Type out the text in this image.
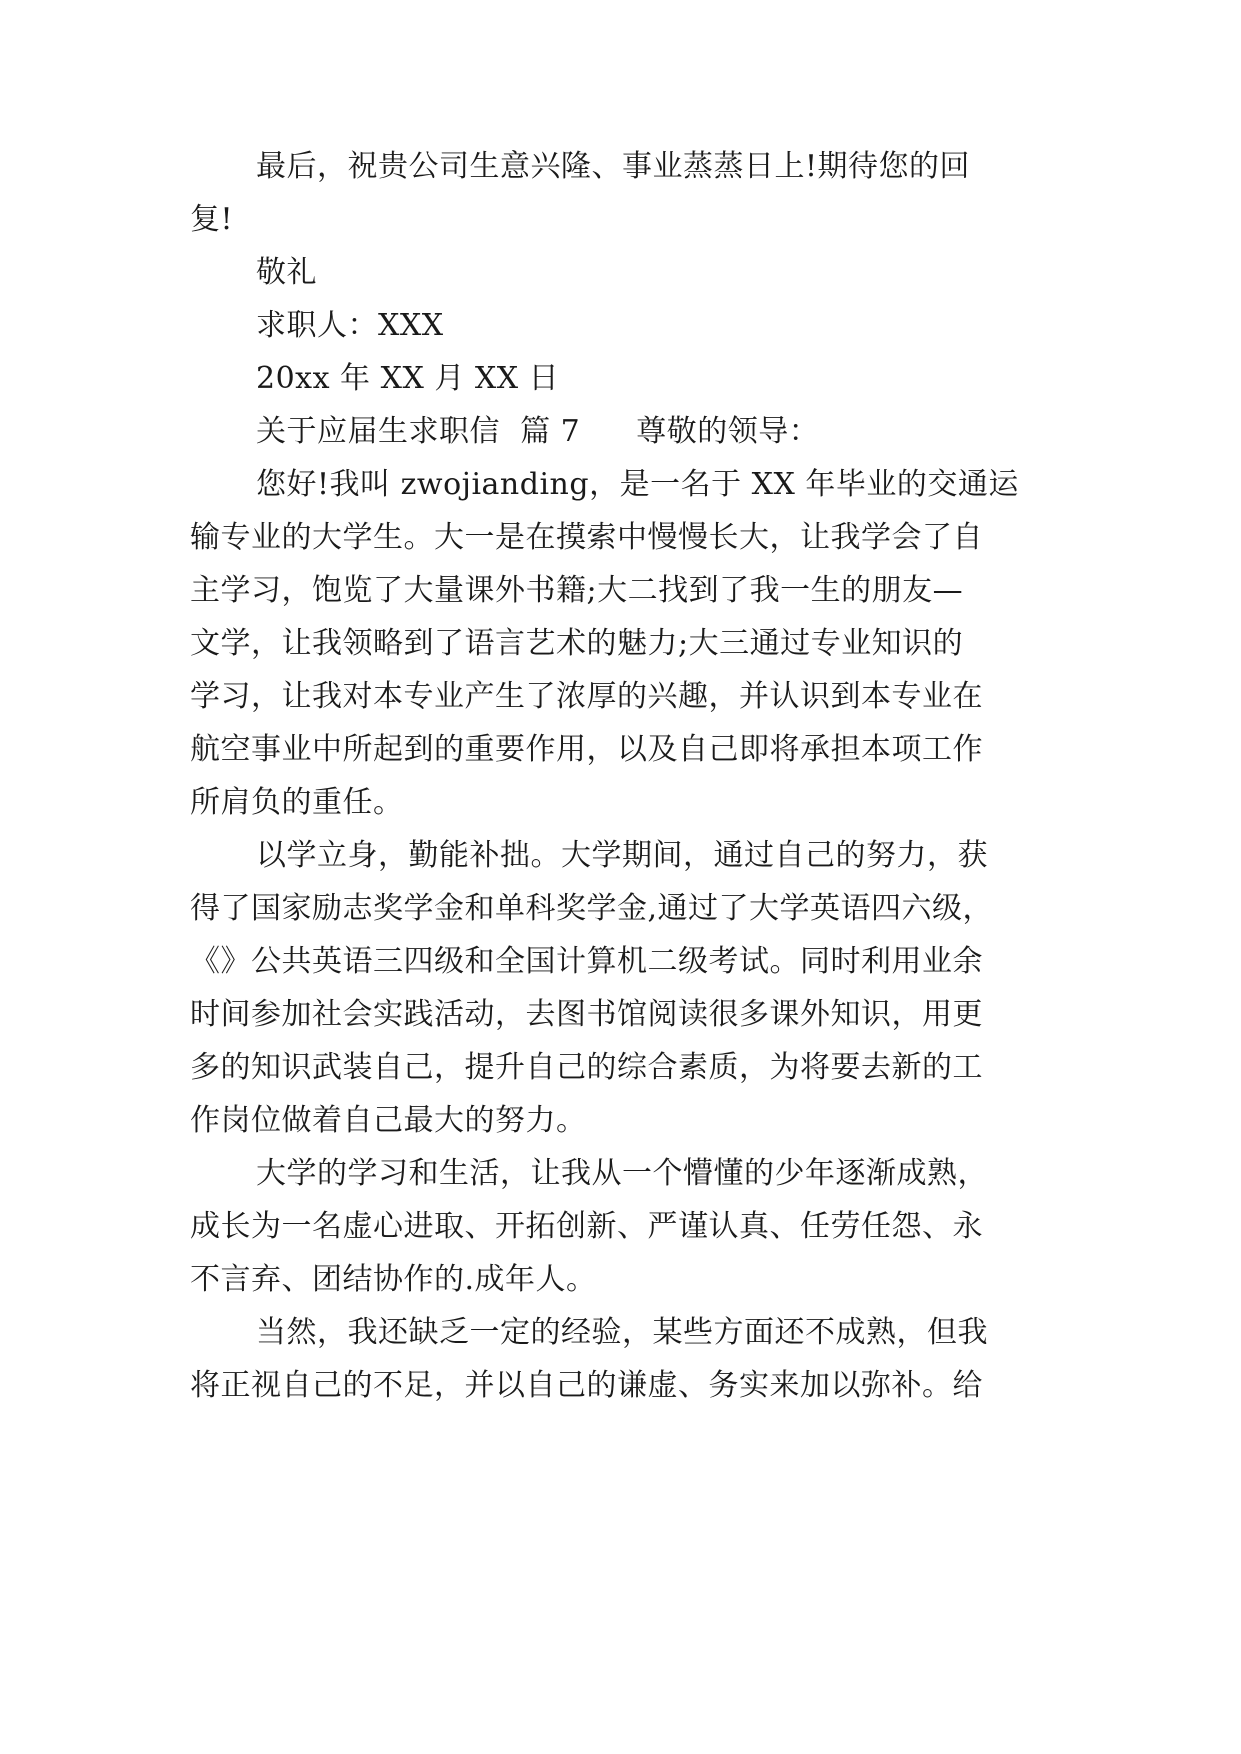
最后，祝贵公司生意兴隆、事业蒸蒸日上!期待您的回
复!
敬礼
求职人：XXX
20xx 年 XX 月 XX 日
关于应届生求职信  篇 7 尊敬的领导：
您好!我叫 zwojianding，是一名于 XX 年毕业的交通运
输专业的大学生。大一是在摸索中慢慢长大，让我学会了自
主学习，饱览了大量课外书籍;大二找到了我一生的朋友—
文学，让我领略到了语言艺术的魅力;大三通过专业知识的
学习，让我对本专业产生了浓厚的兴趣，并认识到本专业在
航空事业中所起到的重要作用，以及自己即将承担本项工作
所肩负的重任。
以学立身，勤能补拙。大学期间，通过自己的努力，获
得了国家励志奖学金和单科奖学金,通过了大学英语四六级，
《》公共英语三四级和全国计算机二级考试。同时利用业余
时间参加社会实践活动，去图书馆阅读很多课外知识，用更
多的知识武装自己，提升自己的综合素质，为将要去新的工
作岗位做着自己最大的努力。
大学的学习和生活，让我从一个懵懂的少年逐渐成熟，
成长为一名虚心进取、开拓创新、严谨认真、任劳任怨、永
不言弃、团结协作的.成年人。
当然，我还缺乏一定的经验，某些方面还不成熟，但我
将正视自己的不足，并以自己的谦虚、务实来加以弥补。给
